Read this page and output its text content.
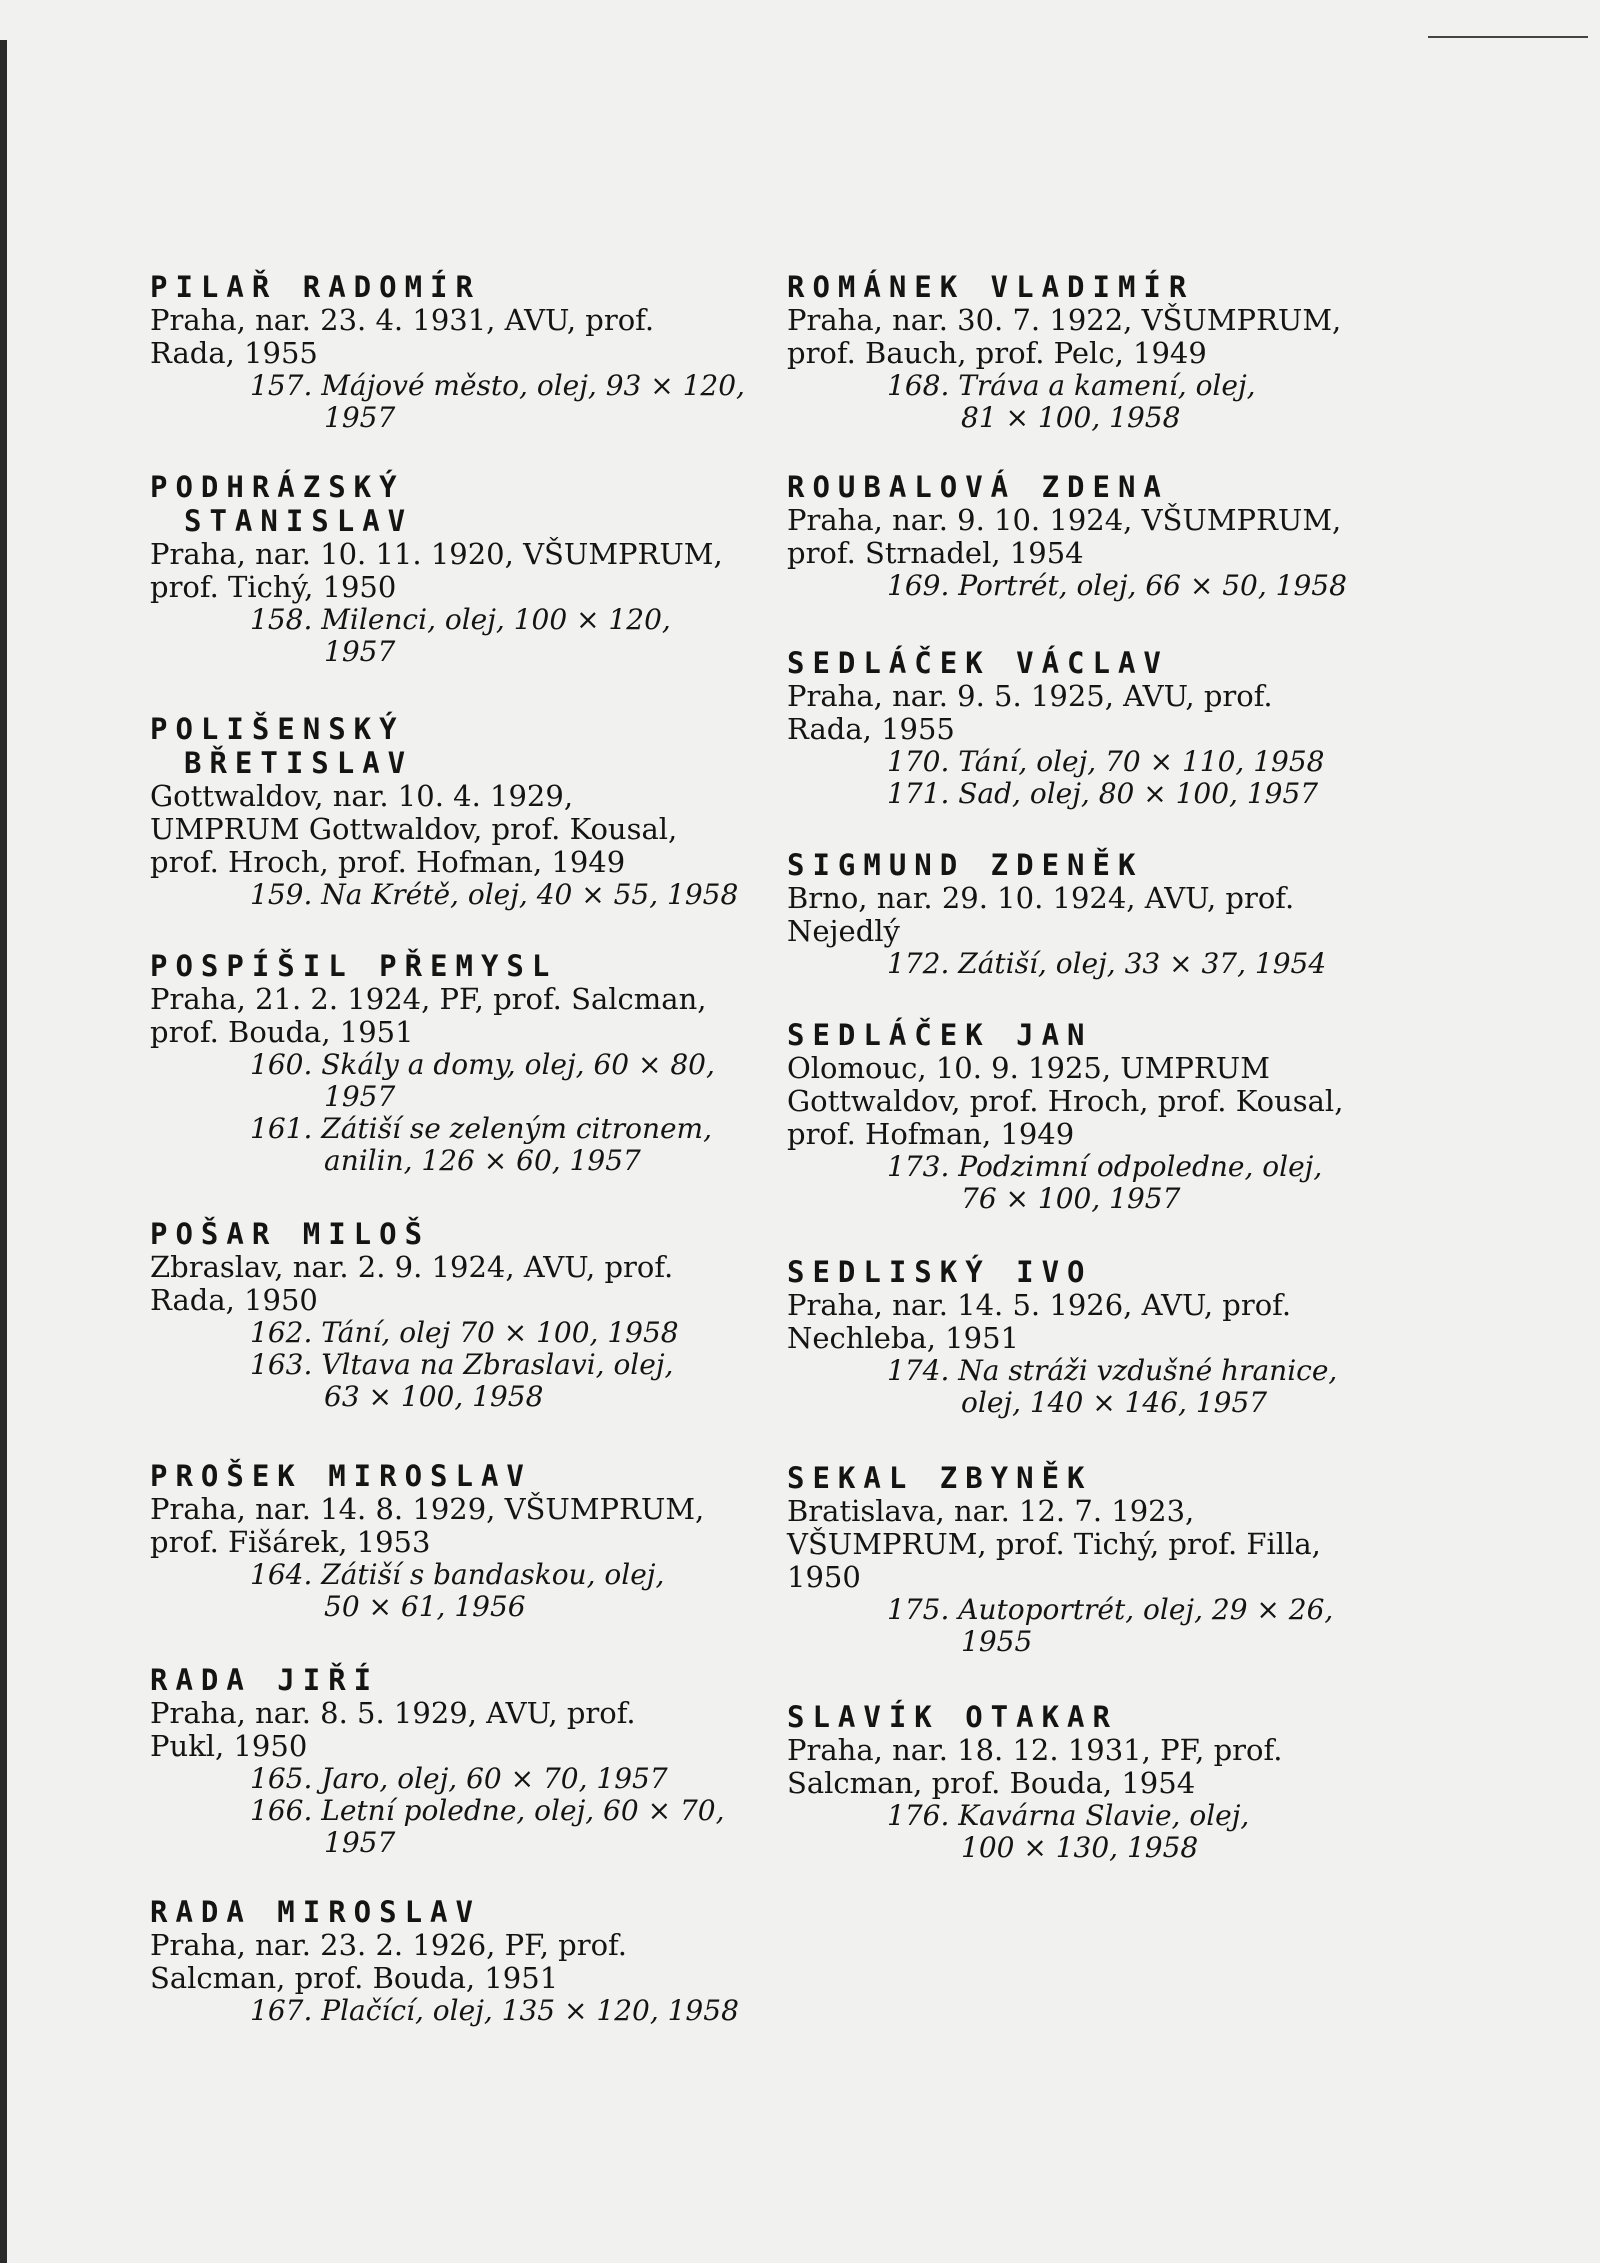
PILAŘ RADOMÍR
Praha, nar. 23. 4. 1931, AVU, prof.
Rada, 1955
157. Májové město, olej, 93 × 120,
1957
PODHRÁZSKÝ
STANISLAV
Praha, nar. 10. 11. 1920, VŠUMPRUM,
prof. Tichý, 1950
158. Milenci, olej, 100 × 120,
1957
POLIŠENSKÝ
BŘETISLAV
Gottwaldov, nar. 10. 4. 1929,
UMPRUM Gottwaldov, prof. Kousal,
prof. Hroch, prof. Hofman, 1949
159. Na Krétě, olej, 40 × 55, 1958
POSPÍŠIL PŘEMYSL
Praha, 21. 2. 1924, PF, prof. Salcman,
prof. Bouda, 1951
160. Skály a domy, olej, 60 × 80,
1957
161. Zátiší se zeleným citronem,
anilin, 126 × 60, 1957
POŠAR MILOŠ
Zbraslav, nar. 2. 9. 1924, AVU, prof.
Rada, 1950
162. Tání, olej 70 × 100, 1958
163. Vltava na Zbraslavi, olej,
63 × 100, 1958
PROŠEK MIROSLAV
Praha, nar. 14. 8. 1929, VŠUMPRUM,
prof. Fišárek, 1953
164. Zátiší s bandaskou, olej,
50 × 61, 1956
RADA JIŘÍ
Praha, nar. 8. 5. 1929, AVU, prof.
Pukl, 1950
165. Jaro, olej, 60 × 70, 1957
166. Letní poledne, olej, 60 × 70,
1957
RADA MIROSLAV
Praha, nar. 23. 2. 1926, PF, prof.
Salcman, prof. Bouda, 1951
167. Plačící, olej, 135 × 120, 1958
ROMÁNEK VLADIMÍR
Praha, nar. 30. 7. 1922, VŠUMPRUM,
prof. Bauch, prof. Pelc, 1949
168. Tráva a kamení, olej,
81 × 100, 1958
ROUBALOVÁ ZDENA
Praha, nar. 9. 10. 1924, VŠUMPRUM,
prof. Strnadel, 1954
169. Portrét, olej, 66 × 50, 1958
SEDLÁČEK VÁCLAV
Praha, nar. 9. 5. 1925, AVU, prof.
Rada, 1955
170. Tání, olej, 70 × 110, 1958
171. Sad, olej, 80 × 100, 1957
SIGMUND ZDENĚK
Brno, nar. 29. 10. 1924, AVU, prof.
Nejedlý
172. Zátiší, olej, 33 × 37, 1954
SEDLÁČEK JAN
Olomouc, 10. 9. 1925, UMPRUM
Gottwaldov, prof. Hroch, prof. Kousal,
prof. Hofman, 1949
173. Podzimní odpoledne, olej,
76 × 100, 1957
SEDLISKÝ IVO
Praha, nar. 14. 5. 1926, AVU, prof.
Nechleba, 1951
174. Na stráži vzdušné hranice,
olej, 140 × 146, 1957
SEKAL ZBYNĚK
Bratislava, nar. 12. 7. 1923,
VŠUMPRUM, prof. Tichý, prof. Filla,
1950
175. Autoportrét, olej, 29 × 26,
1955
SLAVÍK OTAKAR
Praha, nar. 18. 12. 1931, PF, prof.
Salcman, prof. Bouda, 1954
176. Kavárna Slavie, olej,
100 × 130, 1958
